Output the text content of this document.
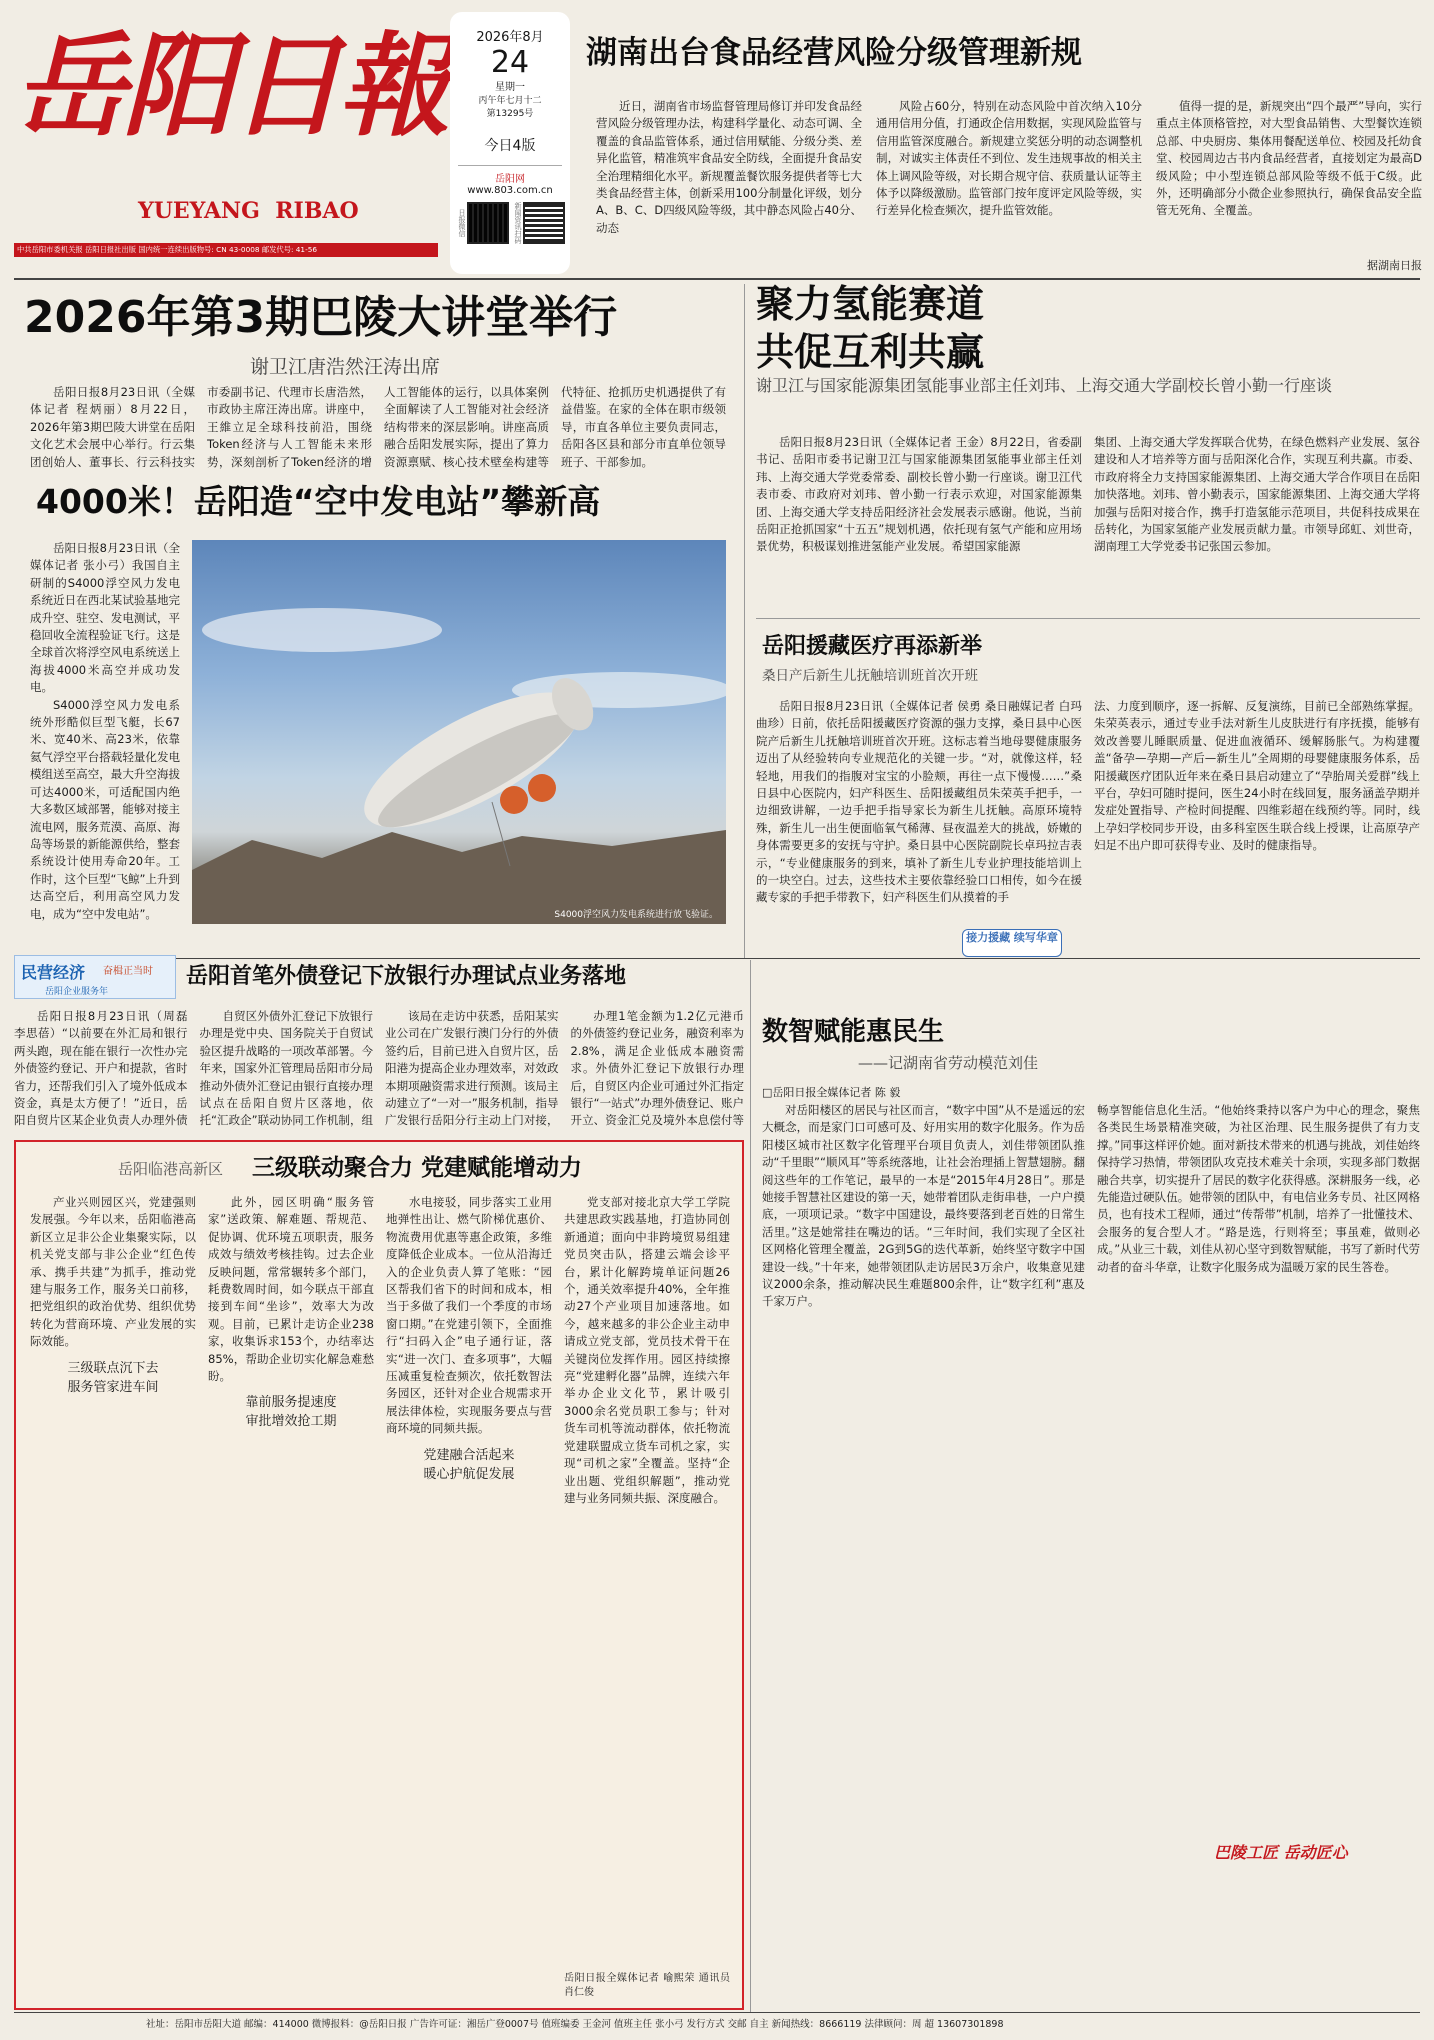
岳阳日報
YUEYANG  RIBAO
中共岳阳市委机关报 岳阳日报社出版 国内统一连续出版物号: CN 43-0008 邮发代号: 41-56
2026年8月
24
星期一
丙午年七月十二
第13295号
今日4版
岳阳网
www.803.com.cn
日报微信	新闻资讯扫码
湖南出台食品经营风险分级管理新规

近日，湖南省市场监督管理局修订并印发食品经营风险分级管理办法，构建科学量化、动态可调、全覆盖的食品监管体系，通过信用赋能、分级分类、差异化监管，精准筑牢食品安全防线，全面提升食品安全治理精细化水平。新规覆盖餐饮服务提供者等七大类食品经营主体，创新采用100分制量化评级，划分A、B、C、D四级风险等级，其中静态风险占40分、动态

风险占60分，特别在动态风险中首次纳入10分通用信用分值，打通政企信用数据，实现风险监管与信用监管深度融合。新规建立奖惩分明的动态调整机制，对诚实主体责任不到位、发生违规事故的相关主体上调风险等级，对长期合规守信、获质量认证等主体予以降级激励。监管部门按年度评定风险等级，实行差异化检查频次，提升监管效能。

值得一提的是，新规突出“四个最严”导向，实行重点主体顶格管控，对大型食品销售、大型餐饮连锁总部、中央厨房、集体用餐配送单位、校园及托幼食堂、校园周边古书内食品经营者，直接划定为最高D级风险；中小型连锁总部风险等级不低于C级。此外，还明确部分小微企业参照执行，确保食品安全监管无死角、全覆盖。

据湖南日报
2026年第3期巴陵大讲堂举行
谢卫江唐浩然汪涛出席

岳阳日报8月23日讯（全媒体记者 程炳丽）8月22日，2026年第3期巴陵大讲堂在岳阳文化艺术会展中心举行。行云集团创始人、董事长、行云科技实

市委副书记、代理市长唐浩然，市政协主席汪涛出席。讲座中，王維立足全球科技前沿，围绕Token经济与人工智能未来形势，深刻剖析了Token经济的增

人工智能体的运行，以具体案例全面解读了人工智能对社会经济结构带来的深层影响。讲座高质融合岳阳发展实际，提出了算力资源禀赋、核心技术壁垒构建等

代特征、抢抓历史机遇提供了有益借鉴。在家的全体在职市级领导，市直各单位主要负责同志，岳阳各区县和部分市直单位领导班子、干部参加。

4000米！岳阳造“空中发电站”攀新高

岳阳日报8月23日讯（全媒体记者 张小弓）我国自主研制的S4000浮空风力发电系统近日在西北某试验基地完成升空、驻空、发电测试，平稳回收全流程验证飞行。这是全球首次将浮空风电系统送上海拔4000米高空并成功发电。

S4000浮空风力发电系统外形酷似巨型飞艇，长67米、宽40米、高23米，依靠氦气浮空平台搭载轻量化发电模组送至高空，最大升空海拔可达4000米，可适配国内绝大多数区域部署，能够对接主流电网，服务荒漠、高原、海岛等场景的新能源供给，整套系统设计使用寿命20年。工作时，这个巨型“飞鲸”上升到达高空后，利用高空风力发电，成为“空中发电站”。	S4000浮空风力发电系统进行放飞验证。
聚力氢能赛道
共促互利共赢
谢卫江与国家能源集团氢能事业部主任刘玮、上海交通大学副校长曾小勤一行座谈

岳阳日报8月23日讯（全媒体记者 王金）8月22日，省委副书记、岳阳市委书记谢卫江与国家能源集团氢能事业部主任刘玮、上海交通大学党委常委、副校长曾小勤一行座谈。谢卫江代表市委、市政府对刘玮、曾小勤一行表示欢迎，对国家能源集团、上海交通大学支持岳阳经济社会发展表示感谢。他说，当前岳阳正抢抓国家“十五五”规划机遇，依托现有氢气产能和应用场景优势，积极谋划推进氢能产业发展。希望国家能源

集团、上海交通大学发挥联合优势，在绿色燃料产业发展、氢谷建设和人才培养等方面与岳阳深化合作，实现互利共赢。市委、市政府将全力支持国家能源集团、上海交通大学合作项目在岳阳加快落地。刘玮、曾小勤表示，国家能源集团、上海交通大学将加强与岳阳对接合作，携手打造氢能示范项目，共促科技成果在岳转化，为国家氢能产业发展贡献力量。市领导邱虹、刘世奇，湖南理工大学党委书记张国云参加。

岳阳援藏医疗再添新举
桑日产后新生儿抚触培训班首次开班

岳阳日报8月23日讯（全媒体记者 侯勇 桑日融媒记者 白玛曲珍）日前，依托岳阳援藏医疗资源的强力支撑，桑日县中心医院产后新生儿抚触培训班首次开班。这标志着当地母婴健康服务迈出了从经验转向专业规范化的关键一步。“对，就像这样，轻轻地，用我们的指腹对宝宝的小脸颊，再往一点下慢慢……”桑日县中心医院内，妇产科医生、岳阳援藏组员朱荣英手把手，一边细致讲解，一边手把手指导家长为新生儿抚触。高原环境特殊，新生儿一出生便面临氧气稀薄、昼夜温差大的挑战，娇嫩的身体需要更多的安抚与守护。桑日县中心医院副院长卓玛拉吉表示，“专业健康服务的到来，填补了新生儿专业护理技能培训上的一块空白。过去，这些技术主要依靠经验口口相传，如今在援藏专家的手把手带教下，妇产科医生们从摸着的手

法、力度到顺序，逐一拆解、反复演练，目前已全部熟练掌握。朱荣英表示，通过专业手法对新生儿皮肤进行有序抚摸，能够有效改善婴儿睡眠质量、促进血液循环、缓解肠胀气。为构建覆盖“备孕—孕期—产后—新生儿”全周期的母婴健康服务体系，岳阳援藏医疗团队近年来在桑日县启动建立了“孕胎周关爱群”线上平台，孕妇可随时提问，医生24小时在线回复，服务涵盖孕期并发症处置指导、产检时间提醒、四维彩超在线预约等。同时，线上孕妇学校同步开设，由多科室医生联合线上授课，让高原孕产妇足不出户即可获得专业、及时的健康指导。

接力援藏 续写华章
民营经济 奋楫正当时
岳阳企业服务年
岳阳首笔外债登记下放银行办理试点业务落地

岳阳日报8月23日讯（周磊 李思蓓）“以前要在外汇局和银行两头跑，现在能在银行一次性办完外债签约登记、开户和提款，省时省力，还帮我们引入了境外低成本资金，真是太方便了！”近日，岳阳自贸片区某企业负责人办理外债

自贸区外债外汇登记下放银行办理是党中央、国务院关于自贸试验区提升战略的一项改革部署。今年来，国家外汇管理局岳阳市分局推动外债外汇登记由银行直接办理试点在岳阳自贸片区落地，依托“汇政企”联动协同工作机制，组

该局在走访中获悉，岳阳某实业公司在广发银行澳门分行的外债签约后，目前已进入自贸片区，岳阳港为提高企业办理效率，对效政本期项融资需求进行预测。该局主动建立了“一对一”服务机制，指导广发银行岳阳分行主动上门对接，

办理1笔金额为1.2亿元港币的外债签约登记业务，融资利率为2.8%，满足企业低成本融资需求。外债外汇登记下放银行办理后，自贸区内企业可通过外汇指定银行“一站式”办理外债登记、账户开立、资金汇兑及境外本息偿付等

岳阳临港高新区 三级联动聚合力 党建赋能增动力

产业兴则园区兴，党建强则发展强。今年以来，岳阳临港高新区立足非公企业集聚实际，以机关党支部与非公企业“红色传承、携手共建”为抓手，推动党建与服务工作，服务关口前移，把党组织的政治优势、组织优势转化为营商环境、产业发展的实际效能。

三级联点沉下去
服务管家进车间

此外，园区明确“服务管家”送政策、解难题、帮规范、促协调、优环境五项职责，服务成效与绩效考核挂钩。过去企业反映问题，常常辗转多个部门，耗费数周时间，如今联点干部直接到车间“坐诊”，效率大为改观。目前，已累计走访企业238家，收集诉求153个，办结率达85%，帮助企业切实化解急难愁盼。

靠前服务提速度
审批增效抢工期

水电接驳，同步落实工业用地弹性出让、燃气阶梯优惠价、物流费用优惠等惠企政策，多维度降低企业成本。一位从沿海迁入的企业负责人算了笔账：“园区帮我们省下的时间和成本，相当于多做了我们一个季度的市场窗口期。”在党建引领下，全面推行“扫码入企”电子通行证，落实“进一次门、查多项事”，大幅压减重复检查频次，依托数智法务园区，还针对企业合规需求开展法律体检，实现服务要点与营商环境的同频共振。

党建融合活起来
暖心护航促发展

党支部对接北京大学工学院共建思政实践基地，打造协同创新通道；面向中非跨境贸易组建党员突击队，搭建云端会诊平台，累计化解跨境单证问题26个，通关效率提升40%，全年推动27个产业项目加速落地。如今，越来越多的非公企业主动申请成立党支部，党员技术骨干在关键岗位发挥作用。园区持续擦亮“党建孵化器”品牌，连续六年举办企业文化节，累计吸引3000余名党员职工参与；针对货车司机等流动群体，依托物流党建联盟成立货车司机之家，实现“司机之家”全覆盖。坚持“企业出题、党组织解题”，推动党建与业务同频共振、深度融合。

岳阳日报全媒体记者 喻熙荣 通讯员 肖仁俊
数智赋能惠民生
——记湖南省劳动模范刘佳
□岳阳日报全媒体记者 陈 毅

对岳阳楼区的居民与社区而言，“数字中国”从不是遥远的宏大概念，而是家门口可感可及、好用实用的数字化服务。作为岳阳楼区城市社区数字化管理平台项目负责人，刘佳带领团队推动“千里眼”“顺风耳”等系统落地，让社会治理插上智慧翅膀。翻阅这些年的工作笔记，最早的一本是“2015年4月28日”。那是她接手智慧社区建设的第一天，她带着团队走街串巷，一户户摸底，一项项记录。“数字中国建设，最终要落到老百姓的日常生活里。”这是她常挂在嘴边的话。“三年时间，我们实现了全区社区网格化管理全覆盖，2G到5G的迭代革新，始终坚守数字中国建设一线。”十年来，她带领团队走访居民3万余户，收集意见建议2000余条，推动解决民生难题800余件，让“数字红利”惠及千家万户。

畅享智能信息化生活。“他始终秉持以客户为中心的理念，聚焦各类民生场景精准突破，为社区治理、民生服务提供了有力支撑。”同事这样评价她。面对新技术带来的机遇与挑战，刘佳始终保持学习热情，带领团队攻克技术难关十余项，实现多部门数据融合共享，切实提升了居民的数字化获得感。深耕服务一线，必先能造过硬队伍。她带领的团队中，有电信业务专员、社区网格员，也有技术工程师，通过“传帮带”机制，培养了一批懂技术、会服务的复合型人才。“路是选，行则将至；事虽难，做则必成。”从业三十载，刘佳从初心坚守到数智赋能，书写了新时代劳动者的奋斗华章，让数字化服务成为温暖万家的民生答卷。

巴陵工匠 岳动匠心
社址：岳阳市岳阳大道 邮编：414000 微博报料：@岳阳日报 广告许可证：湘岳广登0007号 值班编委 王金河 值班主任 张小弓 发行方式 交邮 自主 新闻热线：8666119 法律顾问：周 超 13607301898
